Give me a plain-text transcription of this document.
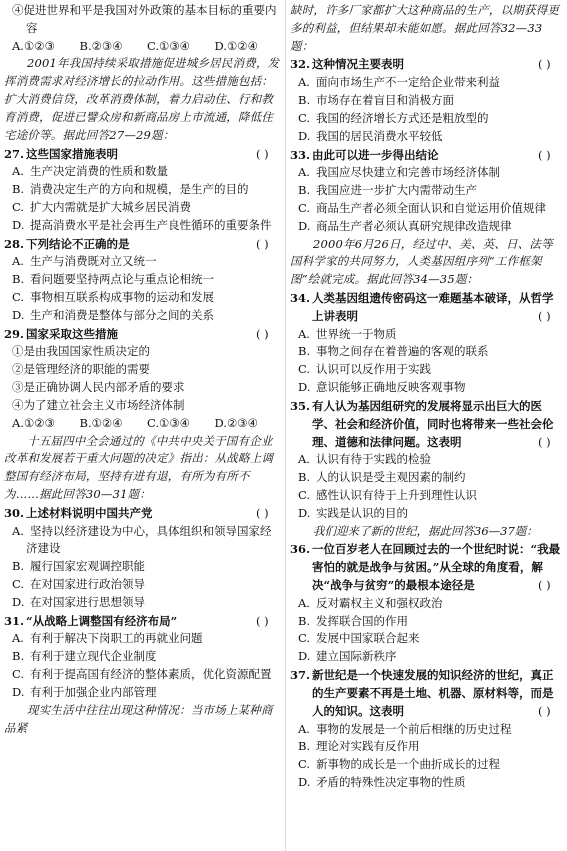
④促进世界和平是我国对外政策的基本目标的重要内容
A.①②③	B.②③④	C.①③④	D.①②④
2001年我国持续采取措施促进城乡居民消费，发挥消费需求对经济增长的拉动作用。这些措施包括：扩大消费信贷，改革消费体制，着力启动住、行和教育消费，促进已譬众房和新商品房上市流通，降低住宅途价等。据此回答27—29题：
27. 这些国家措施表明	( )
A. 生产决定消费的性质和数量
B. 消费决定生产的方向和规模，是生产的目的
C. 扩大内需就是扩大城乡居民消费
D. 提高消费水平是社会再生产良性循环的重要条件
28. 下列结论不正确的是	( )
A. 生产与消费既对立又统一
B. 看问题要坚持两点论与重点论相统一
C. 事物相互联系构成事物的运动和发展
D. 生产和消费是整体与部分之间的关系
29. 国家采取这些措施	( )
①是由我国国家性质决定的
②是管理经济的职能的需要
③是正确协调人民内部矛盾的要求
④为了建立社会主义市场经济体制
A.①②③	B.①②④	C.①③④	D.②③④
十五届四中全会通过的《中共中央关于国有企业改革和发展若干重大问题的决定》指出：从战略上调整国有经济布局，坚持有进有退，有所为有所不为……据此回答30—31题：
30. 上述材料说明中国共产党	( )
A. 坚持以经济建设为中心，具体组织和领导国家经济建设
B. 履行国家宏观调控职能
C. 在对国家进行政治领导
D. 在对国家进行思想领导
31. “从战略上调整国有经济布局”	( )
A. 有利于解决下岗职工的再就业问题
B. 有利于建立现代企业制度
C. 有利于提高国有经济的整体素质，优化资源配置
D. 有利于加强企业内部管理
现实生活中往往出现这种情况：当市场上某种商品紧
缺时，许多厂家都扩大这种商品的生产，以期获得更多的利益，但结果却未能如愿。据此回答32—33题：
32. 这种情况主要表明	( )
A. 面向市场生产不一定给企业带来利益
B. 市场存在着盲目和消极方面
C. 我国的经济增长方式还是粗放型的
D. 我国的居民消费水平较低
33. 由此可以进一步得出结论	( )
A. 我国应尽快建立和完善市场经济体制
B. 我国应进一步扩大内需带动生产
C. 商品生产者必须全面认识和自觉运用价值规律
D. 商品生产者必须认真研究规律改造规律
2000年6月26日，经过中、美、英、日、法等国科学家的共同努力，人类基因组序列“工作框架图”绘就完成。据此回答34—35题：
34. 人类基因组遗传密码这一难题基本破译，从哲学上讲表明	( )
A. 世界统一于物质
B. 事物之间存在着普遍的客观的联系
C. 认识可以反作用于实践
D. 意识能够正确地反映客观事物
35. 有人认为基因组研究的发展将显示出巨大的医学、社会和经济价值，同时也将带来一些社会伦理、道德和法律问题。这表明	( )
A. 认识有待于实践的检验
B. 人的认识是受主观因素的制约
C. 感性认识有待于上升到理性认识
D. 实践是认识的目的
我们迎来了新的世纪，据此回答36—37题：
36. 一位百岁老人在回顾过去的一个世纪时说：“我最害怕的就是战争与贫困。”从全球的角度看，解决“战争与贫穷”的最根本途径是	( )
A. 反对霸权主义和强权政治
B. 发挥联合国的作用
C. 发展中国家联合起来
D. 建立国际新秩序
37. 新世纪是一个快速发展的知识经济的世纪，真正的生产要素不再是土地、机器、原材料等，而是人的知识。这表明	( )
A. 事物的发展是一个前后相继的历史过程
B. 理论对实践有反作用
C. 新事物的成长是一个曲折成长的过程
D. 矛盾的特殊性决定事物的性质
